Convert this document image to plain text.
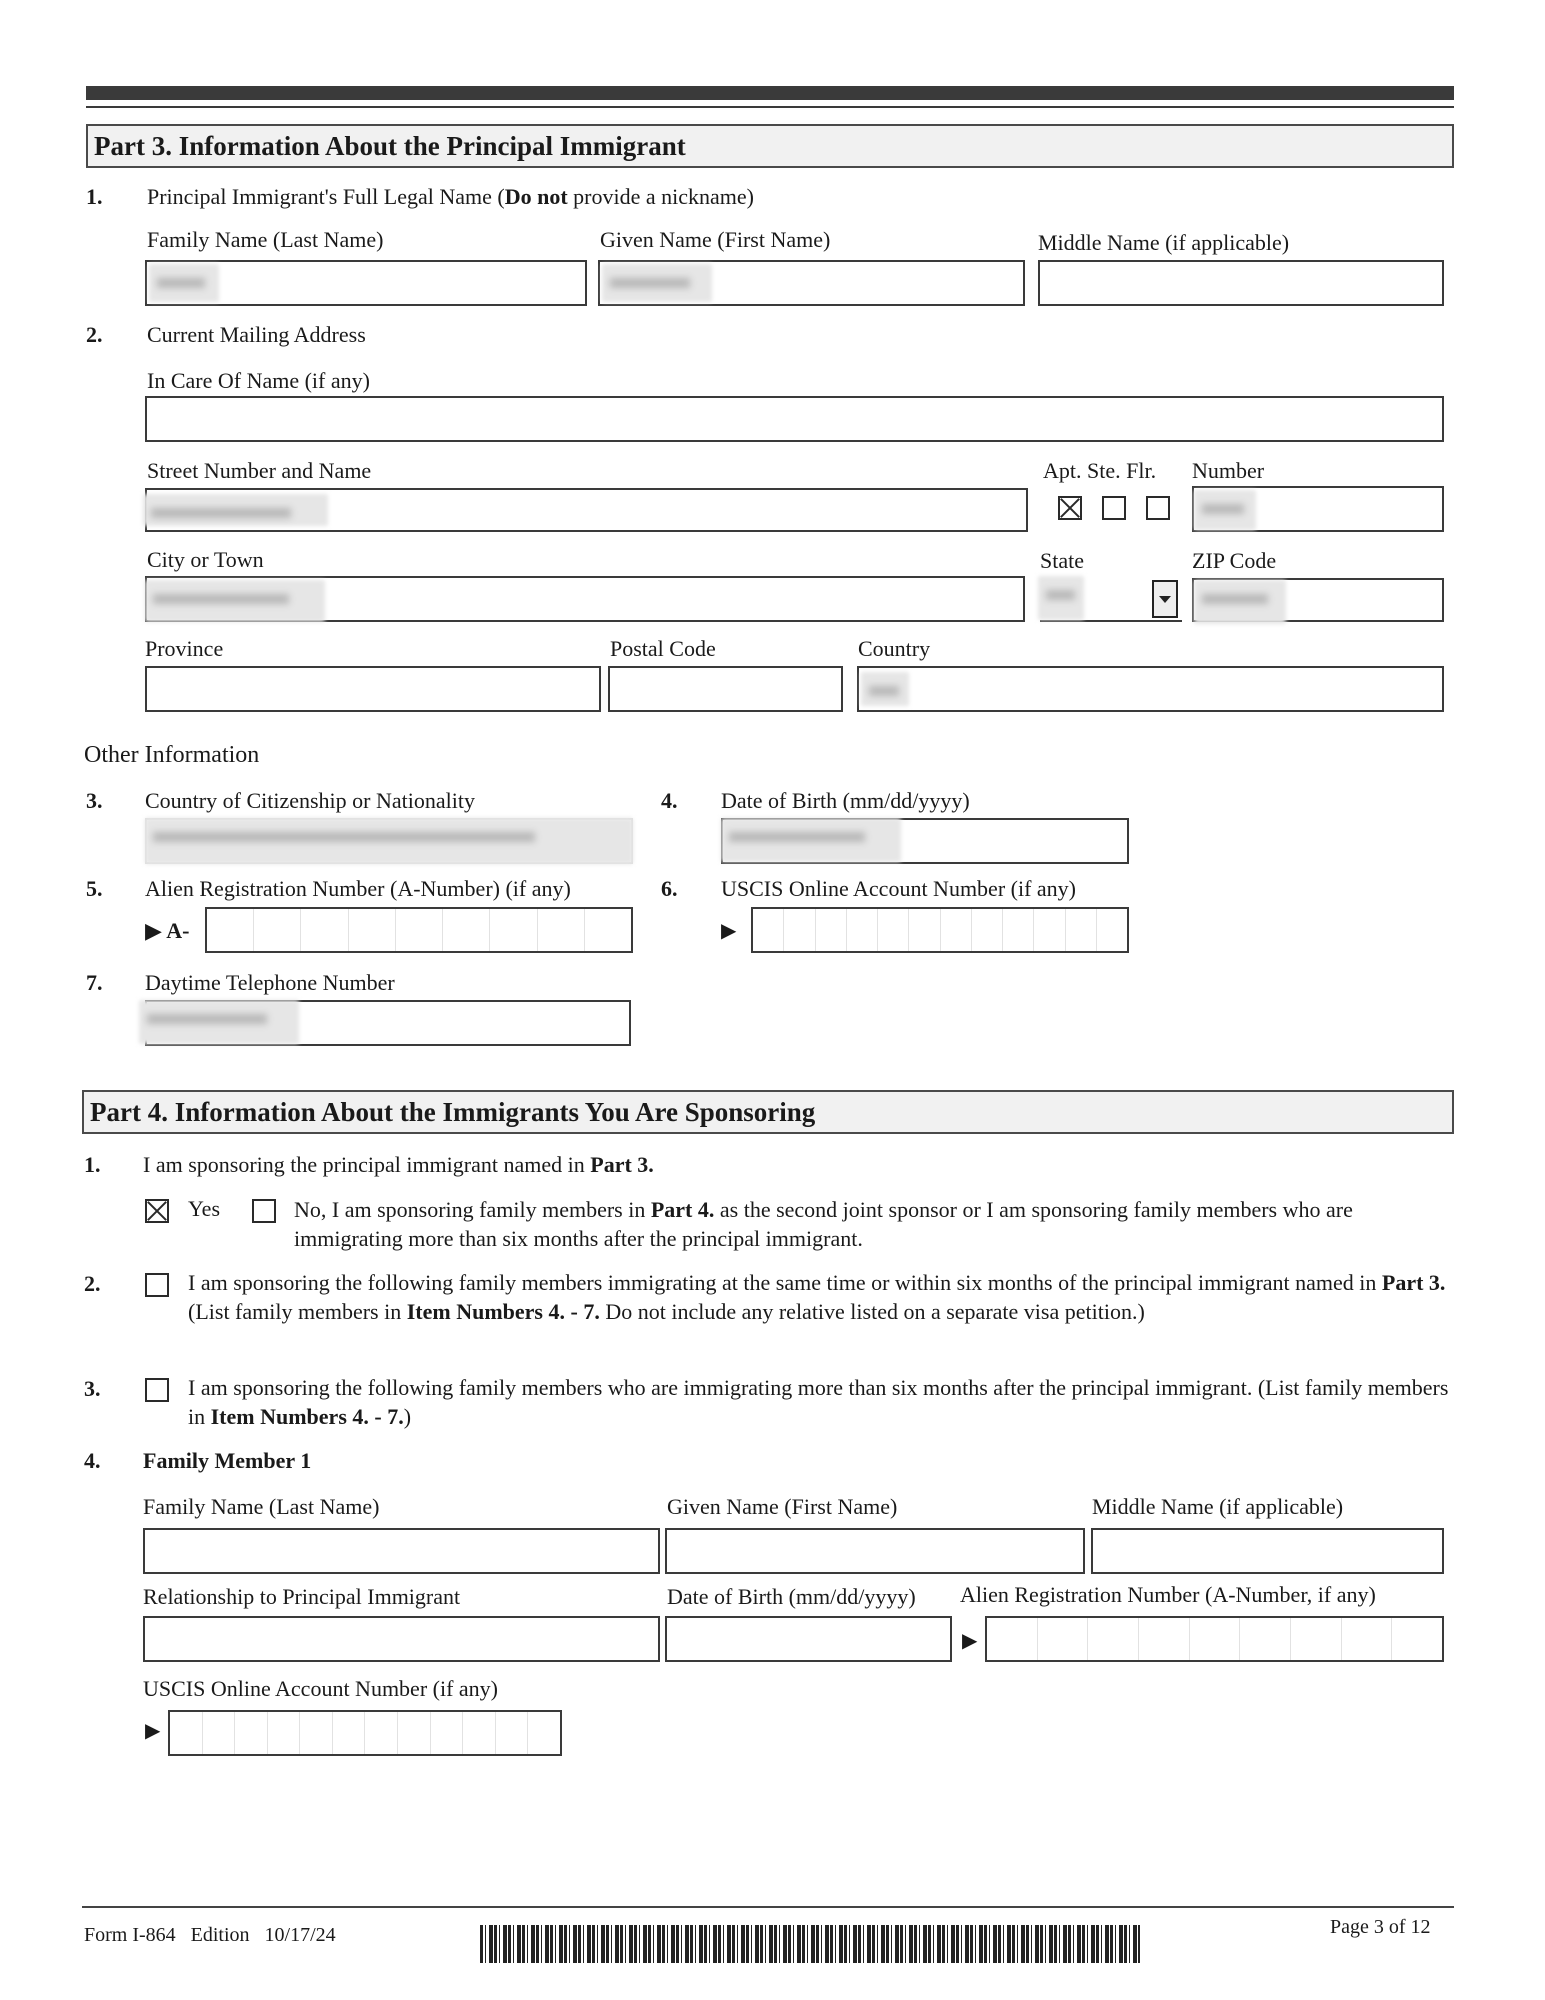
Part 3. Information About the Principal Immigrant
1. Principal Immigrant's Full Legal Name (Do not provide a nickname)
Family Name (Last Name)	Given Name (First Name)	Middle Name (if applicable)
2. Current Mailing Address
In Care Of Name (if any)
Street Number and Name	Apt. Ste. Flr. Number
City or Town	State	ZIP Code
Province	Postal Code	Country
Other Information
3. Country of Citizenship or Nationality	4. Date of Birth (mm/dd/yyyy)
5. Alien Registration Number (A-Number) (if any)
▶ A-
6. USCIS Online Account Number (if any)
▶
7. Daytime Telephone Number
Part 4. Information About the Immigrants You Are Sponsoring
1. I am sponsoring the principal immigrant named in Part 3.
Yes	No, I am sponsoring family members in Part 4. as the second joint sponsor or I am sponsoring family members who are immigrating more than six months after the principal immigrant.
2.	I am sponsoring the following family members immigrating at the same time or within six months of the principal immigrant named in Part 3. (List family members in Item Numbers 4. - 7. Do not include any relative listed on a separate visa petition.)
3.	I am sponsoring the following family members who are immigrating more than six months after the principal immigrant. (List family members in Item Numbers 4. - 7.)
4. Family Member 1
Family Name (Last Name)	Given Name (First Name)	Middle Name (if applicable)
Relationship to Principal Immigrant	Date of Birth (mm/dd/yyyy) Alien Registration Number (A-Number, if any)
▶
USCIS Online Account Number (if any)
▶
Form I-864   Edition   10/17/24	Page 3 of 12
